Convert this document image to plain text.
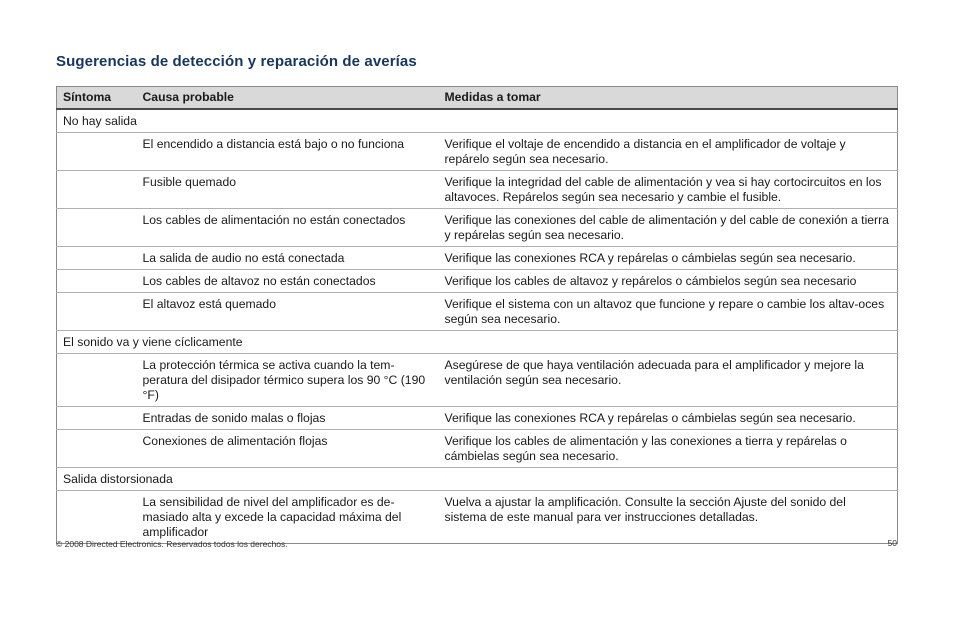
Sugerencias de detección y reparación de averías
Síntoma	Causa probable	Medidas a tomar
No hay salida		
	El encendido a distancia está bajo o no funciona	Verifique el voltaje de encendido a distancia en el amplificador de voltaje y repárelo según sea necesario.
	Fusible quemado	Verifique la integridad del cable de alimentación y vea si hay cortocircuitos en los altavoces. Repárelos según sea necesario y cambie el fusible.
	Los cables de alimentación no están conectados	Verifique las conexiones del cable de alimentación y del cable de conexión a tierra y repárelas según sea necesario.
	La salida de audio no está conectada	Verifique las conexiones RCA y repárelas o cámbielas según sea necesario.
	Los cables de altavoz no están conectados	Verifique los cables de altavoz y repárelos o cámbielos según sea necesario
	El altavoz está quemado	Verifique el sistema con un altavoz que funcione y repare o cambie los altav-oces según sea necesario.
El sonido va y viene cíclicamente		
	La protección térmica se activa cuando la tem-peratura del disipador térmico supera los 90 °C (190 °F)	Asegúrese de que haya ventilación adecuada para el amplificador y mejore la ventilación según sea necesario.
	Entradas de sonido malas o flojas	Verifique las conexiones RCA y repárelas o cámbielas según sea necesario.
	Conexiones de alimentación flojas	Verifique los cables de alimentación y las conexiones a tierra y repárelas o cámbielas según sea necesario.
Salida distorsionada		
	La sensibilidad de nivel del amplificador es de-masiado alta y excede la capacidad máxima del amplificador	Vuelva a ajustar la amplificación. Consulte la sección Ajuste del sonido del sistema de este manual para ver instrucciones detalladas.
© 2008 Directed Electronics. Reservados todos los derechos.	50
